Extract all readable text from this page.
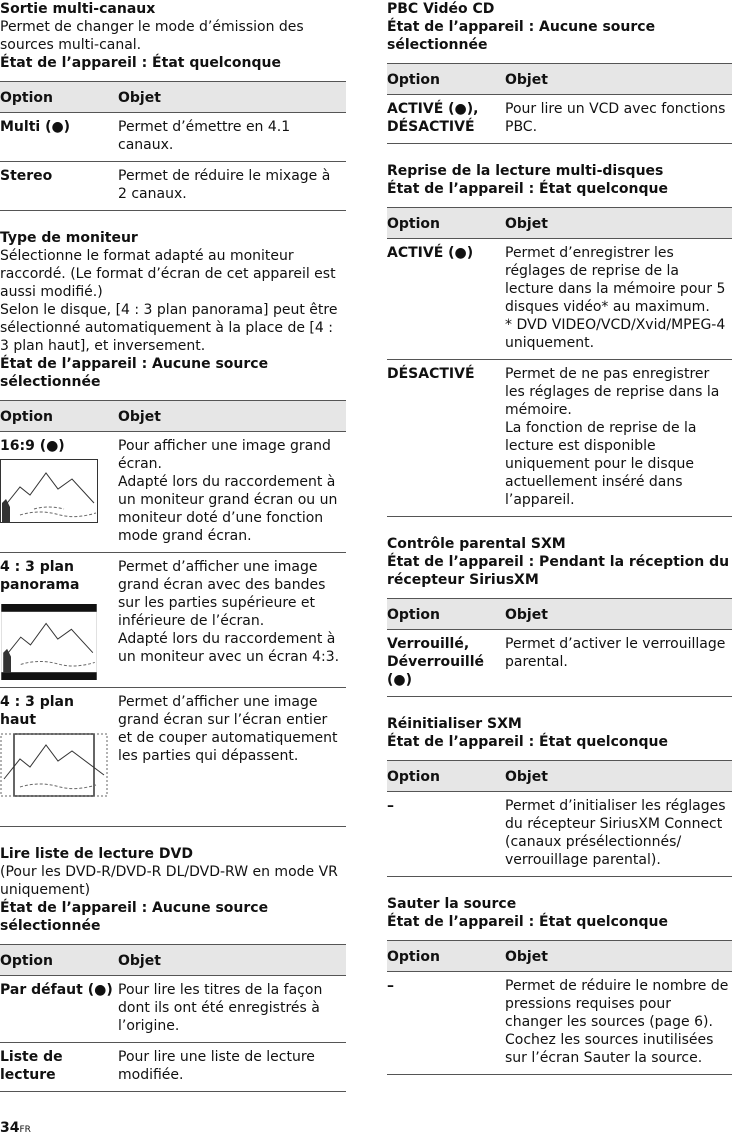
Sortie multi-canaux

Permet de changer le mode d’émission des sources multi-canal.

État de l’appareil : État quelconque

Option	Objet
Multi (●)	Permet d’émettre en 4.1 canaux.
Stereo	Permet de réduire le mixage à 2 canaux.

Type de moniteur

Sélectionne le format adapté au moniteur raccordé. (Le format d’écran de cet appareil est aussi modifié.)

Selon le disque, [4 : 3 plan panorama] peut être sélectionné automatiquement à la place de [4 : 3 plan haut], et inversement.

État de l’appareil : Aucune source sélectionnée

Option	Objet
16:9 (●)	Pour afficher une image grand écran.
Adapté lors du raccordement à un moniteur grand écran ou un moniteur doté d’une fonction mode grand écran.

4 : 3 plan panorama	Permet d’afficher une image grand écran avec des bandes sur les parties supérieure et inférieure de l’écran.
Adapté lors du raccordement à un moniteur avec un écran 4:3.

4 : 3 plan haut	Permet d’afficher une image grand écran sur l’écran entier et de couper automatiquement les parties qui dépassent.

Lire liste de lecture DVD

(Pour les DVD-R/DVD-R DL/DVD-RW en mode VR uniquement)

État de l’appareil : Aucune source sélectionnée

Option	Objet
Par défaut (●)	Pour lire les titres de la façon dont ils ont été enregistrés à l’origine.
Liste de lecture	Pour lire une liste de lecture modifiée.

PBC Vidéo CD

État de l’appareil : Aucune source sélectionnée

Option	Objet
ACTIVÉ (●), DÉSACTIVÉ	Pour lire un VCD avec fonctions PBC.

Reprise de la lecture multi-disques

État de l’appareil : État quelconque

Option	Objet
ACTIVÉ (●)	Permet d’enregistrer les réglages de reprise de la lecture dans la mémoire pour 5 disques vidéo* au maximum.
* DVD VIDEO/VCD/Xvid/MPEG-4 uniquement.

DÉSACTIVÉ	Permet de ne pas enregistrer les réglages de reprise dans la mémoire.
La fonction de reprise de la lecture est disponible uniquement pour le disque actuellement inséré dans l’appareil.

Contrôle parental SXM

État de l’appareil : Pendant la réception du récepteur SiriusXM

Option	Objet
Verrouillé, Déverrouillé (●)	Permet d’activer le verrouillage parental.

Réinitialiser SXM

État de l’appareil : État quelconque

Option	Objet
–	Permet d’initialiser les réglages du récepteur SiriusXM Connect (canaux présélectionnés/ verrouillage parental).

Sauter la source

État de l’appareil : État quelconque

Option	Objet
–	Permet de réduire le nombre de pressions requises pour changer les sources (page 6). Cochez les sources inutilisées sur l’écran Sauter la source.
34FR
